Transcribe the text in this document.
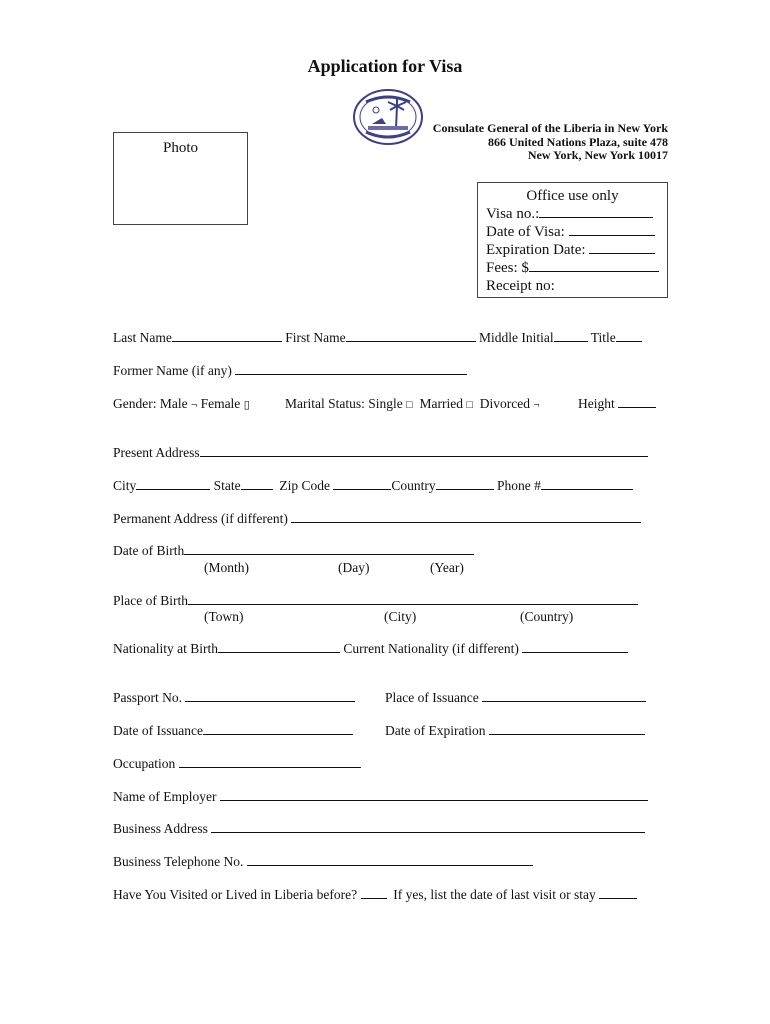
Application for Visa
Consulate General of the Liberia in New York
866 United Nations Plaza, suite 478
New York, New York 10017
Photo
Office use only
Visa no.:
Date of Visa:
Expiration Date:
Fees: $
Receipt no:
Last Name	First Name	Middle Initial	Title
Former Name (if any)
Gender: Male ¬ Female ▯	Marital Status: Single □ Married □ Divorced ¬	Height
Present Address
City	State	Zip Code	Country	Phone #
Permanent Address (if different)
Date of Birth
(Month)	(Day)	(Year)
Place of Birth
(Town)	(City)	(Country)
Nationality at Birth	Current Nationality (if different)
Passport No.	Place of Issuance
Date of Issuance	Date of Expiration
Occupation
Name of Employer
Business Address
Business Telephone No.
Have You Visited or Lived in Liberia before?	If yes, list the date of last visit or stay
